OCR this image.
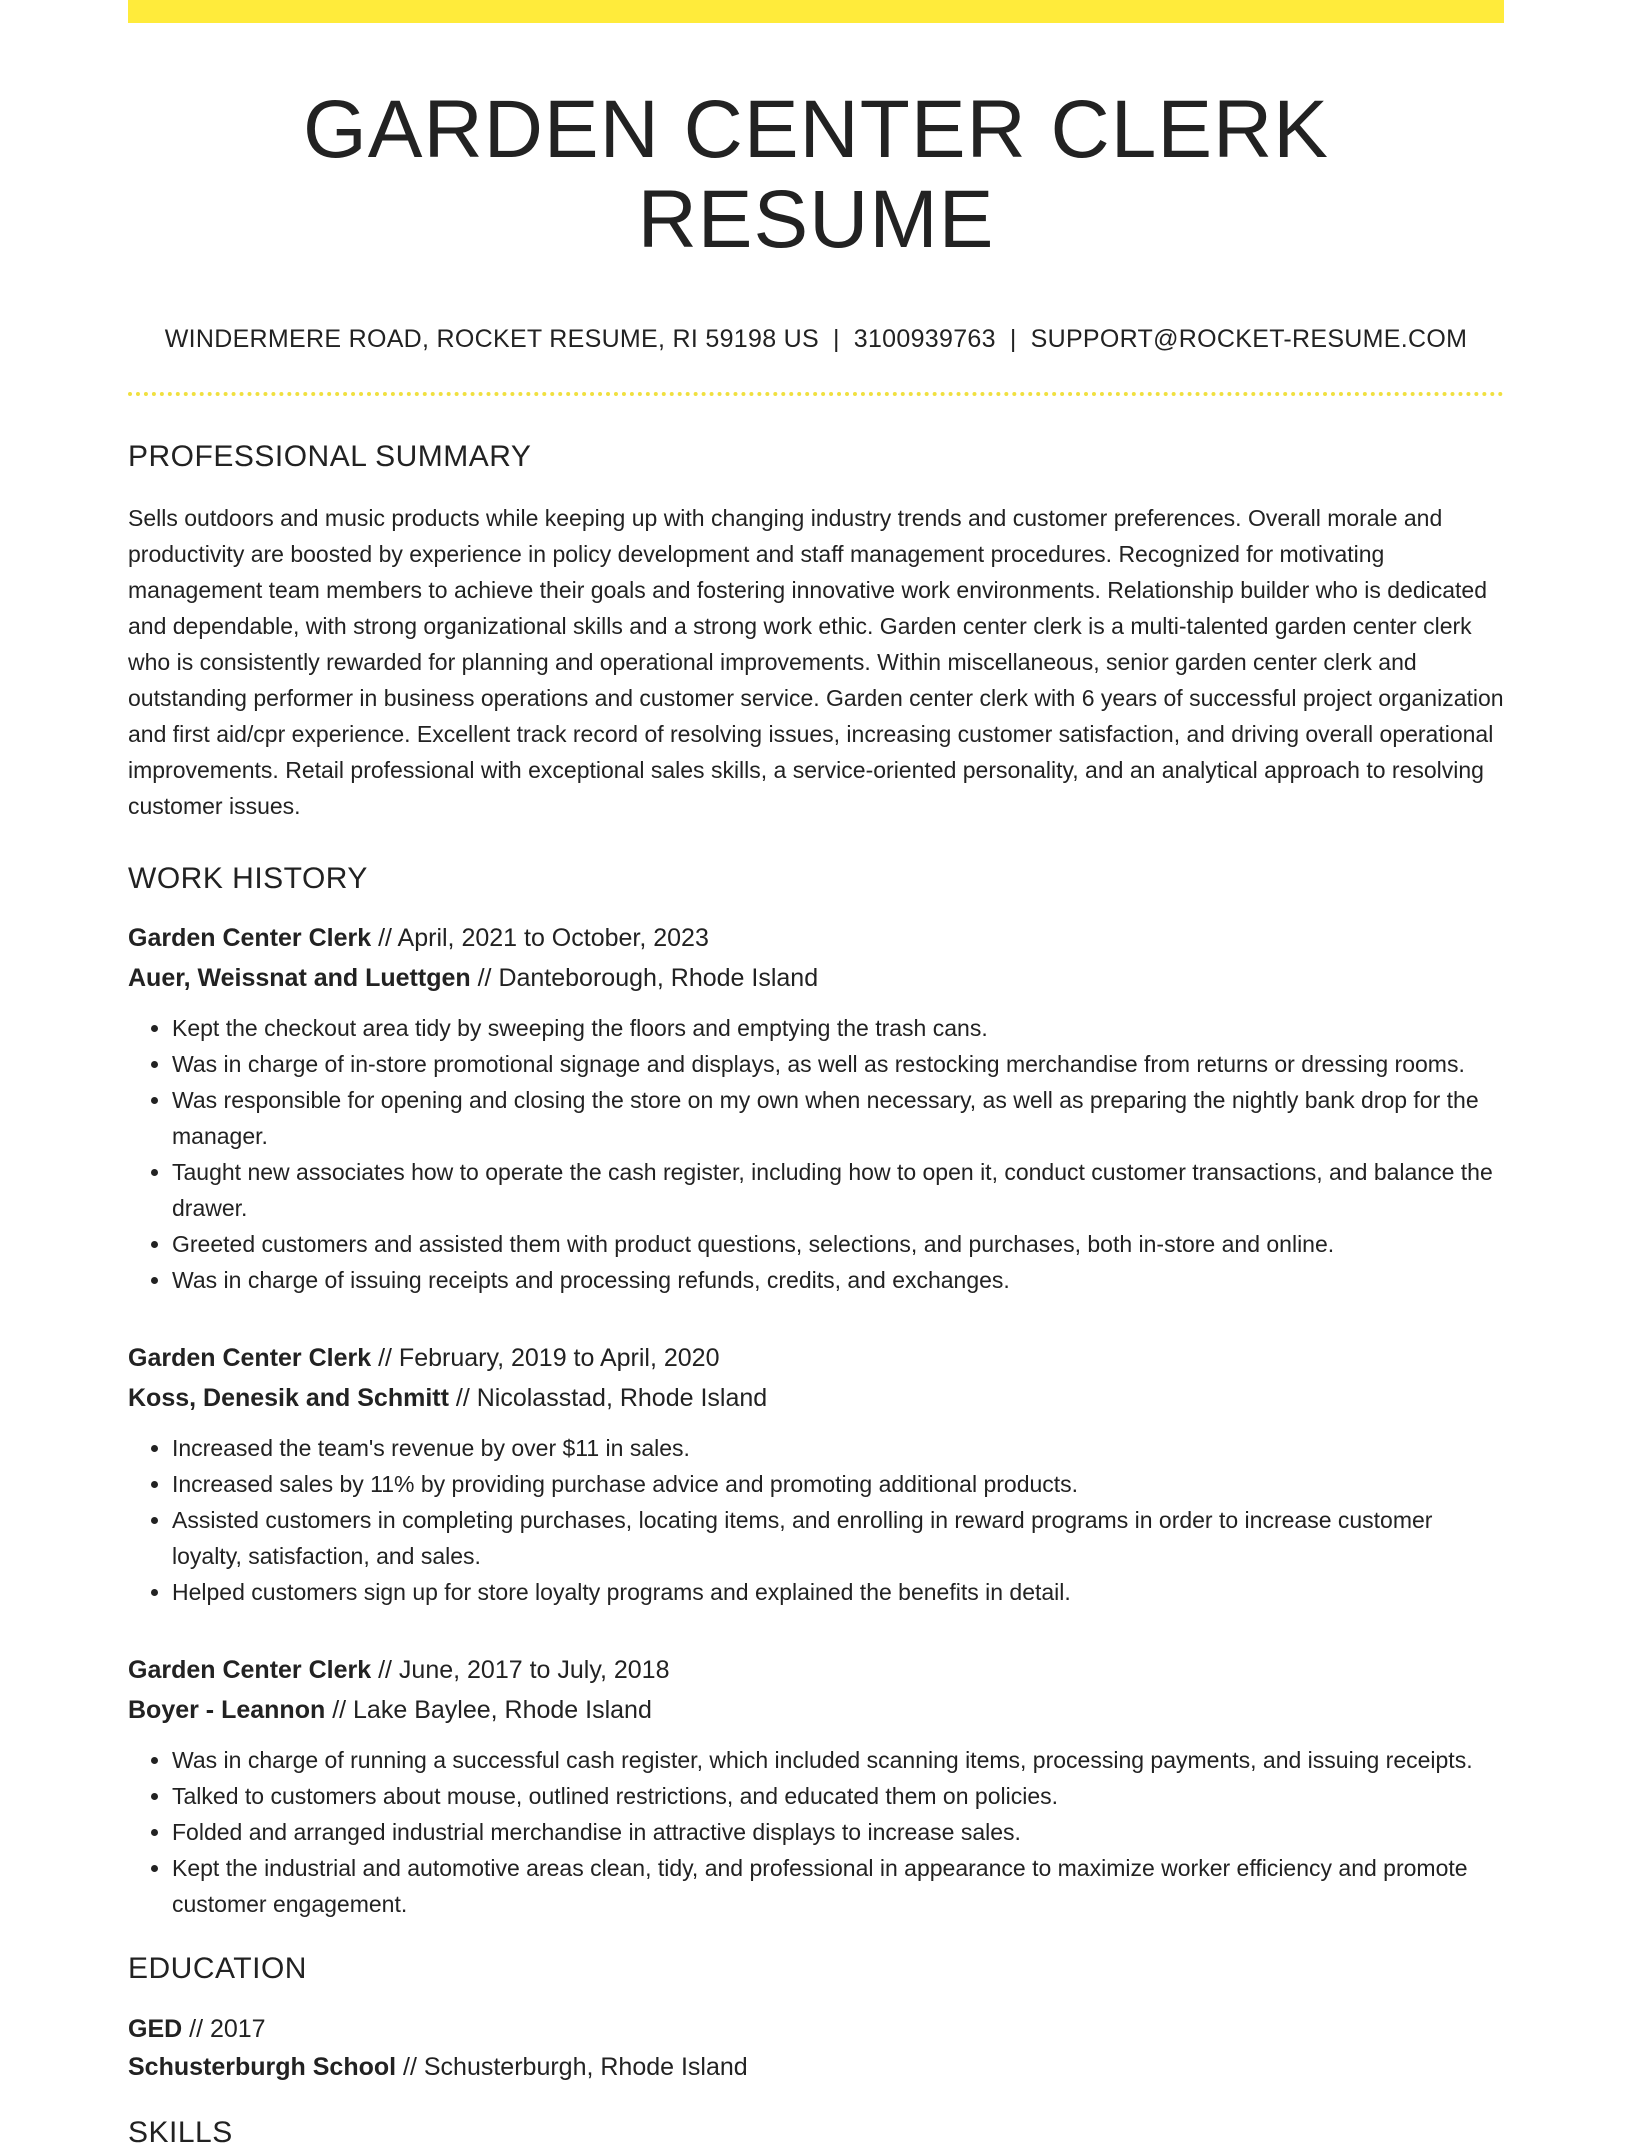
GARDEN CENTER CLERK RESUME
WINDERMERE ROAD, ROCKET RESUME, RI 59198 US | 3100939763 | SUPPORT@ROCKET-RESUME.COM
PROFESSIONAL SUMMARY
Sells outdoors and music products while keeping up with changing industry trends and customer preferences. Overall morale and productivity are boosted by experience in policy development and staff management procedures. Recognized for motivating management team members to achieve their goals and fostering innovative work environments. Relationship builder who is dedicated and dependable, with strong organizational skills and a strong work ethic. Garden center clerk is a multi-talented garden center clerk who is consistently rewarded for planning and operational improvements. Within miscellaneous, senior garden center clerk and outstanding performer in business operations and customer service. Garden center clerk with 6 years of successful project organization and first aid/cpr experience. Excellent track record of resolving issues, increasing customer satisfaction, and driving overall operational improvements. Retail professional with exceptional sales skills, a service-oriented personality, and an analytical approach to resolving customer issues.
WORK HISTORY
Garden Center Clerk // April, 2021 to October, 2023
Auer, Weissnat and Luettgen // Danteborough, Rhode Island
• Kept the checkout area tidy by sweeping the floors and emptying the trash cans.
• Was in charge of in-store promotional signage and displays, as well as restocking merchandise from returns or dressing rooms.
• Was responsible for opening and closing the store on my own when necessary, as well as preparing the nightly bank drop for the manager.
• Taught new associates how to operate the cash register, including how to open it, conduct customer transactions, and balance the drawer.
• Greeted customers and assisted them with product questions, selections, and purchases, both in-store and online.
• Was in charge of issuing receipts and processing refunds, credits, and exchanges.
Garden Center Clerk // February, 2019 to April, 2020
Koss, Denesik and Schmitt // Nicolasstad, Rhode Island
• Increased the team's revenue by over $11 in sales.
• Increased sales by 11% by providing purchase advice and promoting additional products.
• Assisted customers in completing purchases, locating items, and enrolling in reward programs in order to increase customer loyalty, satisfaction, and sales.
• Helped customers sign up for store loyalty programs and explained the benefits in detail.
Garden Center Clerk // June, 2017 to July, 2018
Boyer - Leannon // Lake Baylee, Rhode Island
• Was in charge of running a successful cash register, which included scanning items, processing payments, and issuing receipts.
• Talked to customers about mouse, outlined restrictions, and educated them on policies.
• Folded and arranged industrial merchandise in attractive displays to increase sales.
• Kept the industrial and automotive areas clean, tidy, and professional in appearance to maximize worker efficiency and promote customer engagement.
EDUCATION
GED // 2017
Schusterburgh School // Schusterburgh, Rhode Island
SKILLS
